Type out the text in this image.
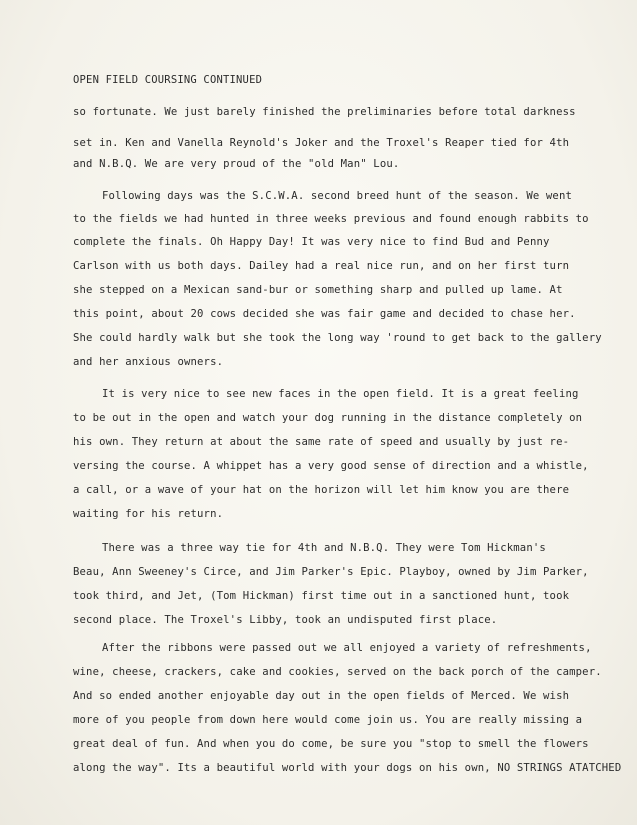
OPEN FIELD COURSING CONTINUED
so fortunate. We just barely finished the preliminaries before total darkness
set in. Ken and Vanella Reynold's Joker and the Troxel's Reaper tied for 4th
and N.B.Q. We are very proud of the "old Man" Lou.
Following days was the S.C.W.A. second breed hunt of the season. We went
to the fields we had hunted in three weeks previous and found enough rabbits to
complete the finals. Oh Happy Day! It was very nice to find Bud and Penny
Carlson with us both days. Dailey had a real nice run, and on her first turn
she stepped on a Mexican sand-bur or something sharp and pulled up lame. At
this point, about 20 cows decided she was fair game and decided to chase her.
She could hardly walk but she took the long way 'round to get back to the gallery
and her anxious owners.
It is very nice to see new faces in the open field. It is a great feeling
to be out in the open and watch your dog running in the distance completely on
his own. They return at about the same rate of speed and usually by just re-
versing the course. A whippet has a very good sense of direction and a whistle,
a call, or a wave of your hat on the horizon will let him know you are there
waiting for his return.
There was a three way tie for 4th and N.B.Q. They were Tom Hickman's
Beau, Ann Sweeney's Circe, and Jim Parker's Epic. Playboy, owned by Jim Parker,
took third, and Jet, (Tom Hickman) first time out in a sanctioned hunt, took
second place. The Troxel's Libby, took an undisputed first place.
After the ribbons were passed out we all enjoyed a variety of refreshments,
wine, cheese, crackers, cake and cookies, served on the back porch of the camper.
And so ended another enjoyable day out in the open fields of Merced. We wish
more of you people from down here would come join us. You are really missing a
great deal of fun. And when you do come, be sure you "stop to smell the flowers
along the way". Its a beautiful world with your dogs on his own, NO STRINGS ATATCHED
